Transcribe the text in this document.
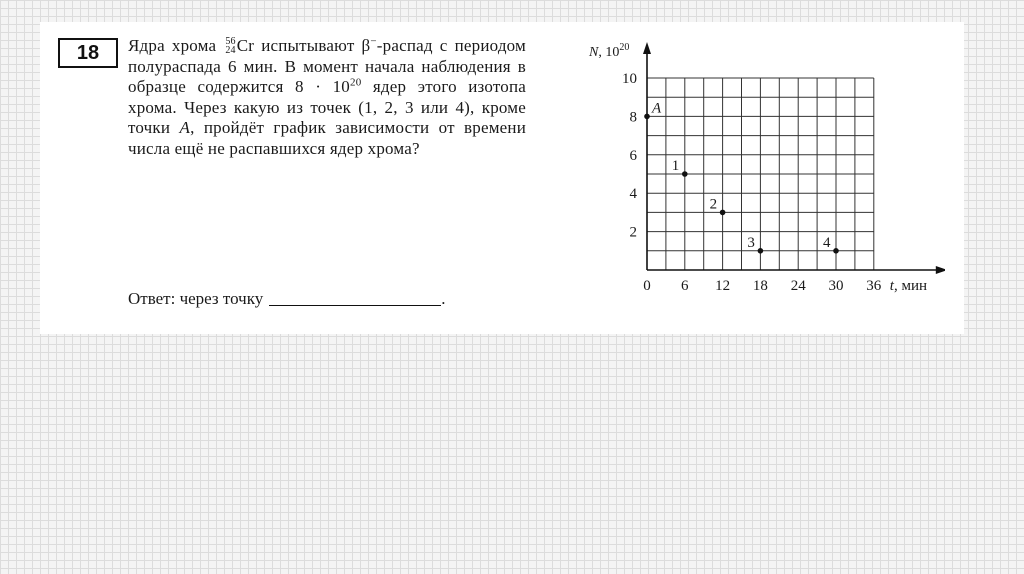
18	Ядра хрома 56
24 Cr испытывают β−-распад с периодом полураспада 6 мин. В момент начала наблюдения в образце содержится $8 \cdot 10^{20}$ ядер этого изотопа хрома. Через какую из точек (1, 2, 3 или 4), кроме точки A, пройдёт график зависимости от времени числа ещё не распавшихся ядер хрома?

Ответ: через точку	.
0 6 12 18 24 30 36
2
4
6
8
10
N, $10^{20}$
t, мин
A
1
2
3	4
